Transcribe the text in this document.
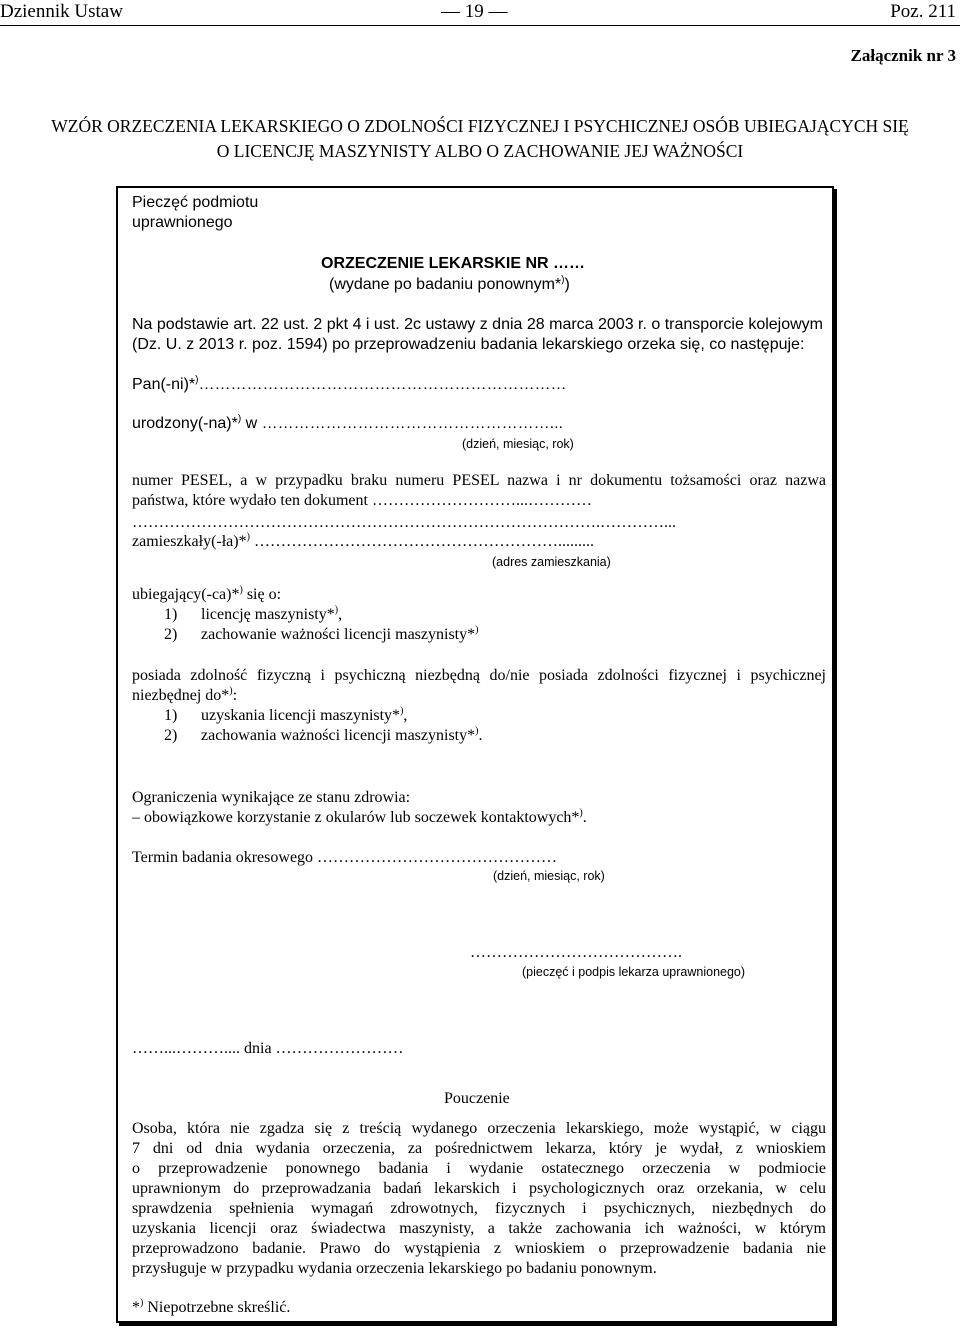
Dziennik Ustaw	— 19 —	Poz. 211
Załącznik nr 3
WZÓR ORZECZENIA LEKARSKIEGO O ZDOLNOŚCI FIZYCZNEJ I PSYCHICZNEJ OSÓB UBIEGAJĄCYCH SIĘ
O LICENCJĘ MASZYNISTY ALBO O ZACHOWANIE JEJ WAŻNOŚCI
Pieczęć podmiotu
uprawnionego
ORZECZENIE LEKARSKIE NR ……
(wydane po badaniu ponownym*))
Na podstawie art. 22 ust. 2 pkt 4 i ust. 2c ustawy z dnia 28 marca 2003 r. o transporcie kolejowym
(Dz. U. z 2013 r. poz. 1594) po przeprowadzeniu badania lekarskiego orzeka się, co następuje:
Pan(-ni)*)……………………………………………………………
urodzony(-na)*) w ………………………………………………...
(dzień, miesiąc, rok)
numer PESEL, a w przypadku braku numeru PESEL nazwa i nr dokumentu tożsamości oraz nazwa
państwa, które wydało ten dokument ………………………...…………
…………………………………………………………………………….…………...
zamieszkały(-ła)*) ………………………………………………….........
(adres zamieszkania)
ubiegający(-ca)*) się o:
1) licencję maszynisty*),
2) zachowanie ważności licencji maszynisty*)
posiada zdolność fizyczną i psychiczną niezbędną do/nie posiada zdolności fizycznej i psychicznej
niezbędnej do*):
1) uzyskania licencji maszynisty*),
2) zachowania ważności licencji maszynisty*).
Ograniczenia wynikające ze stanu zdrowia:
– obowiązkowe korzystanie z okularów lub soczewek kontaktowych*).
Termin badania okresowego ………………………………………
(dzień, miesiąc, rok)
………………………………….
(pieczęć i podpis lekarza uprawnionego)
……...……….... dnia ……………………
Pouczenie
Osoba, która nie zgadza się z treścią wydanego orzeczenia lekarskiego, może wystąpić, w ciągu
7 dni od dnia wydania orzeczenia, za pośrednictwem lekarza, który je wydał, z wnioskiem
o przeprowadzenie ponownego badania i wydanie ostatecznego orzeczenia w podmiocie
uprawnionym do przeprowadzania badań lekarskich i psychologicznych oraz orzekania, w celu
sprawdzenia spełnienia wymagań zdrowotnych, fizycznych i psychicznych, niezbędnych do
uzyskania licencji oraz świadectwa maszynisty, a także zachowania ich ważności, w którym
przeprowadzono badanie. Prawo do wystąpienia z wnioskiem o przeprowadzenie badania nie
przysługuje w przypadku wydania orzeczenia lekarskiego po badaniu ponownym.
*) Niepotrzebne skreślić.
